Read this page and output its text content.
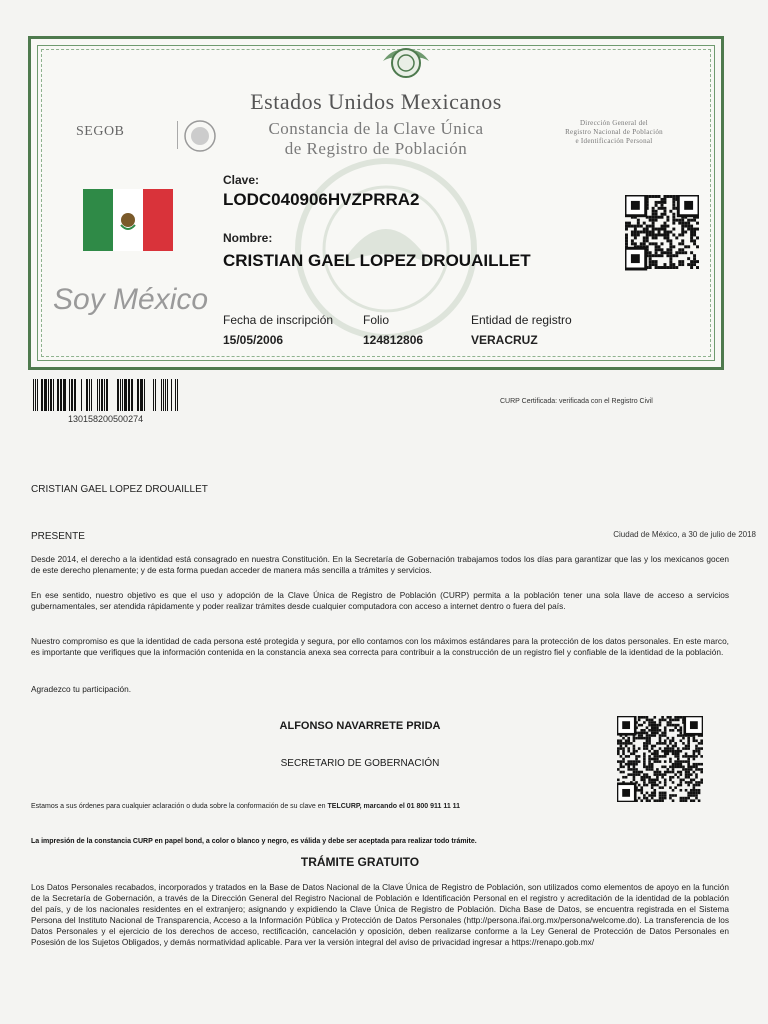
Estados Unidos Mexicanos
Constancia de la Clave Única
de Registro de Población
SEGOB
Dirección General del
Registro Nacional de Población
e Identificación Personal
Soy México
Clave:
LODC040906HVZPRRA2
Nombre:
CRISTIAN GAEL LOPEZ DROUAILLET
Fecha de inscripción
15/05/2006
Folio
124812806
Entidad de registro
VERACRUZ
130158200500274
CURP Certificada: verificada con el Registro Civil
CRISTIAN GAEL LOPEZ DROUAILLET
PRESENTE	Ciudad de México, a 30 de julio de 2018
Desde 2014, el derecho a la identidad está consagrado en nuestra Constitución. En la Secretaría de Gobernación trabajamos todos los días para garantizar que las y los mexicanos gocen de este derecho plenamente; y de esta forma puedan acceder de manera más sencilla a trámites y servicios.
En ese sentido, nuestro objetivo es que el uso y adopción de la Clave Única de Registro de Población (CURP) permita a la población tener una sola llave de acceso a servicios gubernamentales, ser atendida rápidamente y poder realizar trámites desde cualquier computadora con acceso a internet dentro o fuera del país.
Nuestro compromiso es que la identidad de cada persona esté protegida y segura, por ello contamos con los máximos estándares para la protección de los datos personales. En este marco, es importante que verifiques que la información contenida en la constancia anexa sea correcta para contribuir a la construcción de un registro fiel y confiable de la identidad de la población.
Agradezco tu participación.
ALFONSO NAVARRETE PRIDA
SECRETARIO DE GOBERNACIÓN
Estamos a sus órdenes para cualquier aclaración o duda sobre la conformación de su clave en TELCURP, marcando el 01 800 911 11 11
La impresión de la constancia CURP en papel bond, a color o blanco y negro, es válida y debe ser aceptada para realizar todo trámite.
TRÁMITE GRATUITO
Los Datos Personales recabados, incorporados y tratados en la Base de Datos Nacional de la Clave Única de Registro de Población, son utilizados como elementos de apoyo en la función de la Secretaría de Gobernación, a través de la Dirección General del Registro Nacional de Población e Identificación Personal en el registro y acreditación de la identidad de la población del país, y de los nacionales residentes en el extranjero; asignando y expidiendo la Clave Única de Registro de Población. Dicha Base de Datos, se encuentra registrada en el Sistema Persona del Instituto Nacional de Transparencia, Acceso a la Información Pública y Protección de Datos Personales (http://persona.ifai.org.mx/persona/welcome.do). La transferencia de los Datos Personales y el ejercicio de los derechos de acceso, rectificación, cancelación y oposición, deben realizarse conforme a la Ley General de Protección de Datos Personales en Posesión de los Sujetos Obligados, y demás normatividad aplicable. Para ver la versión integral del aviso de privacidad ingresar a https://renapo.gob.mx/
